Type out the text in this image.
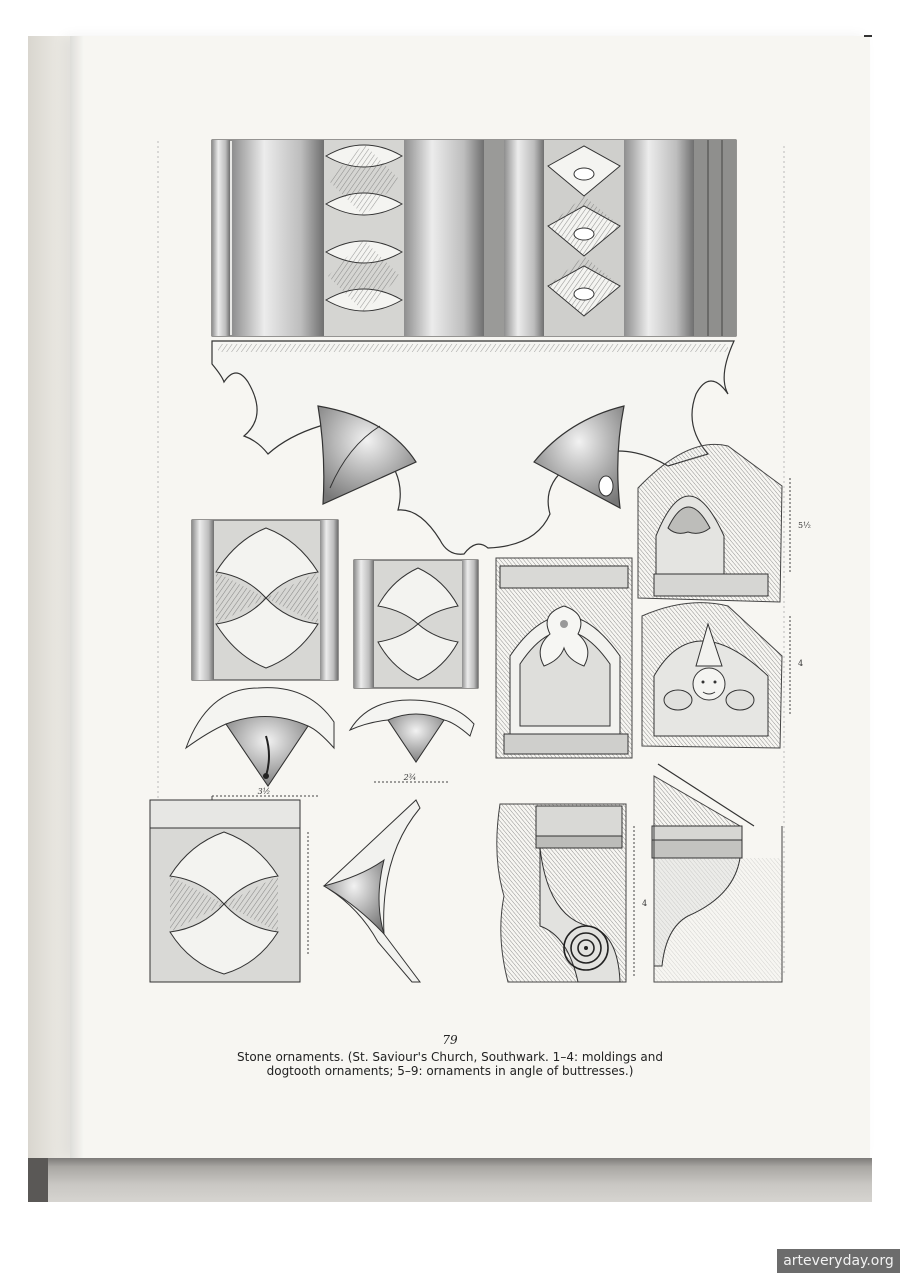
5½
4
3½
2¾
4
79
Stone ornaments. (St. Saviour's Church, Southwark. 1–4: moldings and
dogtooth ornaments; 5–9: ornaments in angle of buttresses.)
arteveryday.org
